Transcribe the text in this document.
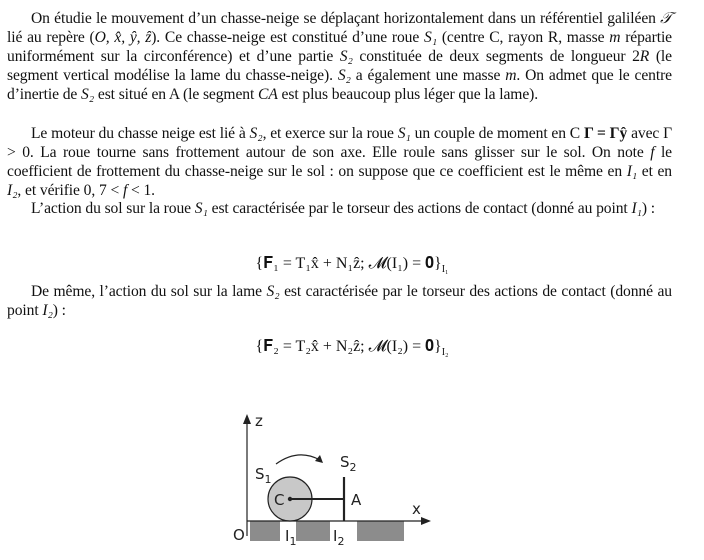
On étudie le mouvement d’un chasse-neige se déplaçant horizontalement dans un référentiel galiléen 𝒯 lié au repère (O, x̂, ŷ, ẑ). Ce chasse-neige est constitué d’une roue S₁ (centre C, rayon R, masse m répartie uniformément sur la circonférence) et d’une partie S₂ constituée de deux segments de longueur 2R (le segment vertical modélise la lame du chasse-neige). S₂ a également une masse m. On admet que le centre d’inertie de S₂ est situé en A (le segment CA est plus beaucoup plus léger que la lame).

Le moteur du chasse neige est lié à S₂, et exerce sur la roue S₁ un couple de moment en C Γ = Γŷ avec Γ > 0. La roue tourne sans frottement autour de son axe. Elle roule sans glisser sur le sol. On note f le coefficient de frottement du chasse-neige sur le sol : on suppose que ce coefficient est le même en I₁ et en I₂, et vérifie 0, 7 < f < 1.

L’action du sol sur la roue S₁ est caractérisée par le torseur des actions de contact (donné au point I₁) :

{𝐅₁ = T₁x̂ + N₁ẑ; 𝓜(I₁) = $𝟎\}_{I_1}$

De même, l’action du sol sur la lame S₂ est caractérisée par le torseur des actions de contact (donné au point I₂) :

{𝐅₂ = T₂x̂ + N₂ẑ; 𝓜(I₂) = $𝟎\}_{I_2}$
z
x
O
C
$S_1$
$S_2$
A
$I_1$ $I_2$
